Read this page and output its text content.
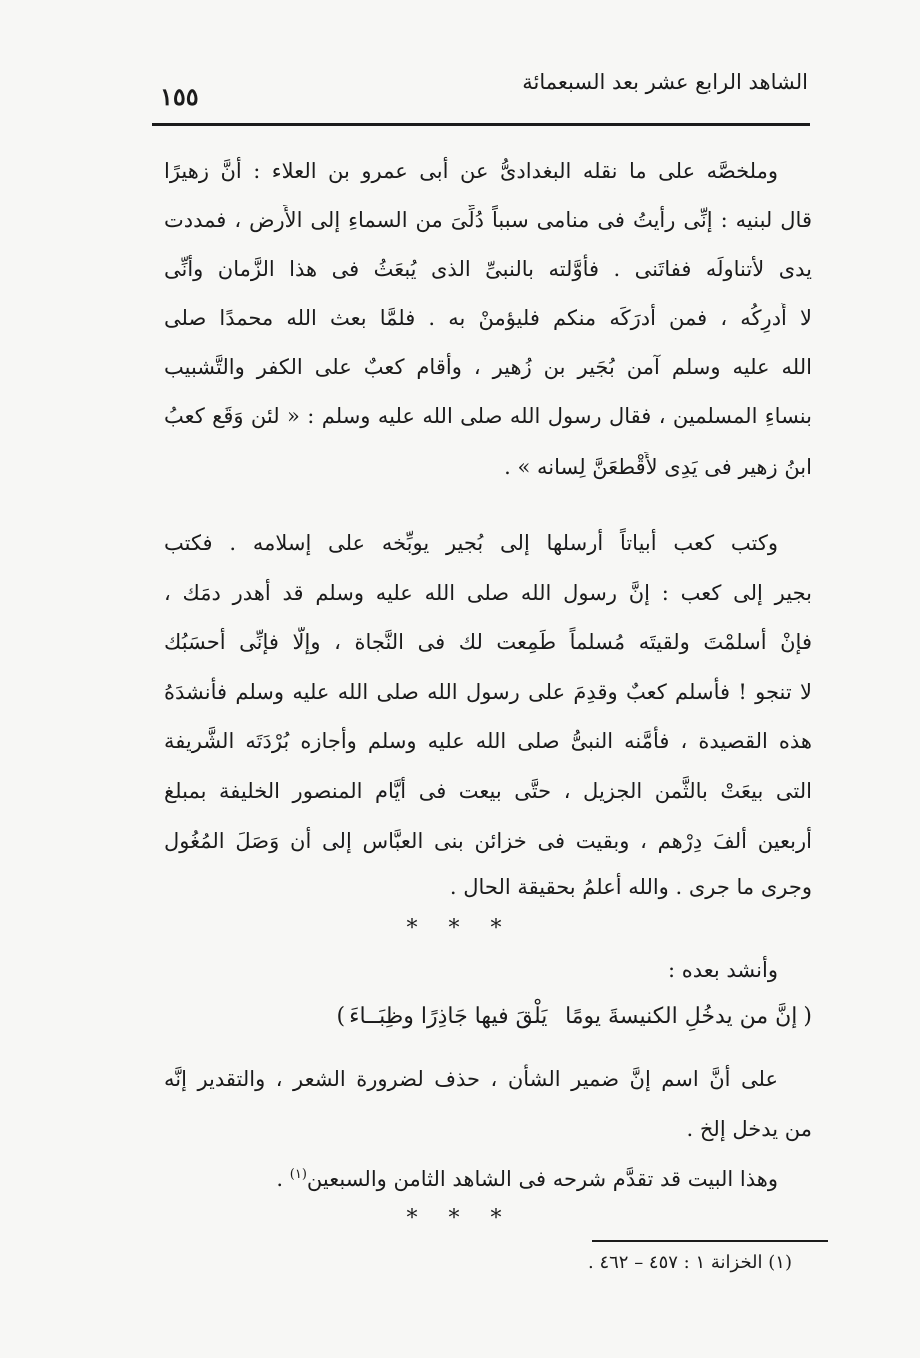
الشاهد الرابع عشر بعد السبعمائة
١٥٥
وملخصَّه على ما نقله البغدادىُّ عن أبى عمرو بن العلاء : أنَّ زهيرًا
قال لبنيه : إنِّى رأيتُ فى منامى سبباً دُلِّىَ من السماءِ إلى الأَرض ، فمددت
يدى لأتناولَه ففاتَنى . فأَوَّلته بالنبىِّ الذى يُبعَثُ فى هذا الزَّمان وأنِّى
لا أُدرِكُه ، فمن أدرَكَه منكم فليؤمنْ به . فلمَّا بعث الله محمدًا صلى
الله عليه وسلم آمن بُجَير بن زُهير ، وأقام كعبٌ على الكفر والتَّشبيب
بنساءِ المسلمين ، فقال رسول الله صلى الله عليه وسلم : « لئن وَقَع كعبُ
ابنُ زهير فى يَدِى لأَقْطعَنَّ لِسانه » .
وكتب كعب أبياتاً أرسلها إلى بُجير يوبِّخه على إسلامه . فكتب
بجير إلى كعب : إنَّ رسول الله صلى الله عليه وسلم قد أهدر دمَك ،
فإنْ أسلمْتَ ولقيتَه مُسلماً طَمِعت لك فى النَّجاة ، وإلَّا فإنِّى أحسَبُك
لا تنجو ! فأسلم كعبٌ وقدِمَ على رسول الله صلى الله عليه وسلم فأنشدَهُ
هذه القصيدة ، فأمَّنه النبىُّ صلى الله عليه وسلم وأجازه بُرْدَتَه الشَّريفة
التى بيعَتْ بالثَّمن الجزيل ، حتَّى بيعت فى أيَّام المنصور الخليفة بمبلغ
أربعين ألفَ دِرْهم ، وبقيت فى خزائن بنى العبَّاس إلى أن وَصَلَ المُغُول
وجرى ما جرى . والله أعلمُ بحقيقة الحال .
* * *
وأنشد بعده :
(إنَّ من يدخُلِ الكنيسةَ يومًايَلْقَ فيها جَاذِرًا وظِبَــاءَ)
على أنَّ اسم إنَّ ضمير الشأْن ، حذف لضرورة الشعر ، والتقدير إنَّه
من يدخل إلخ .
وهذا البيت قد تقدَّم شرحه فى الشاهد الثامن والسبعين$^{(١)}$ .
* * *
(١) الخزانة ١ : ٤٥٧ – ٤٦٢ .
